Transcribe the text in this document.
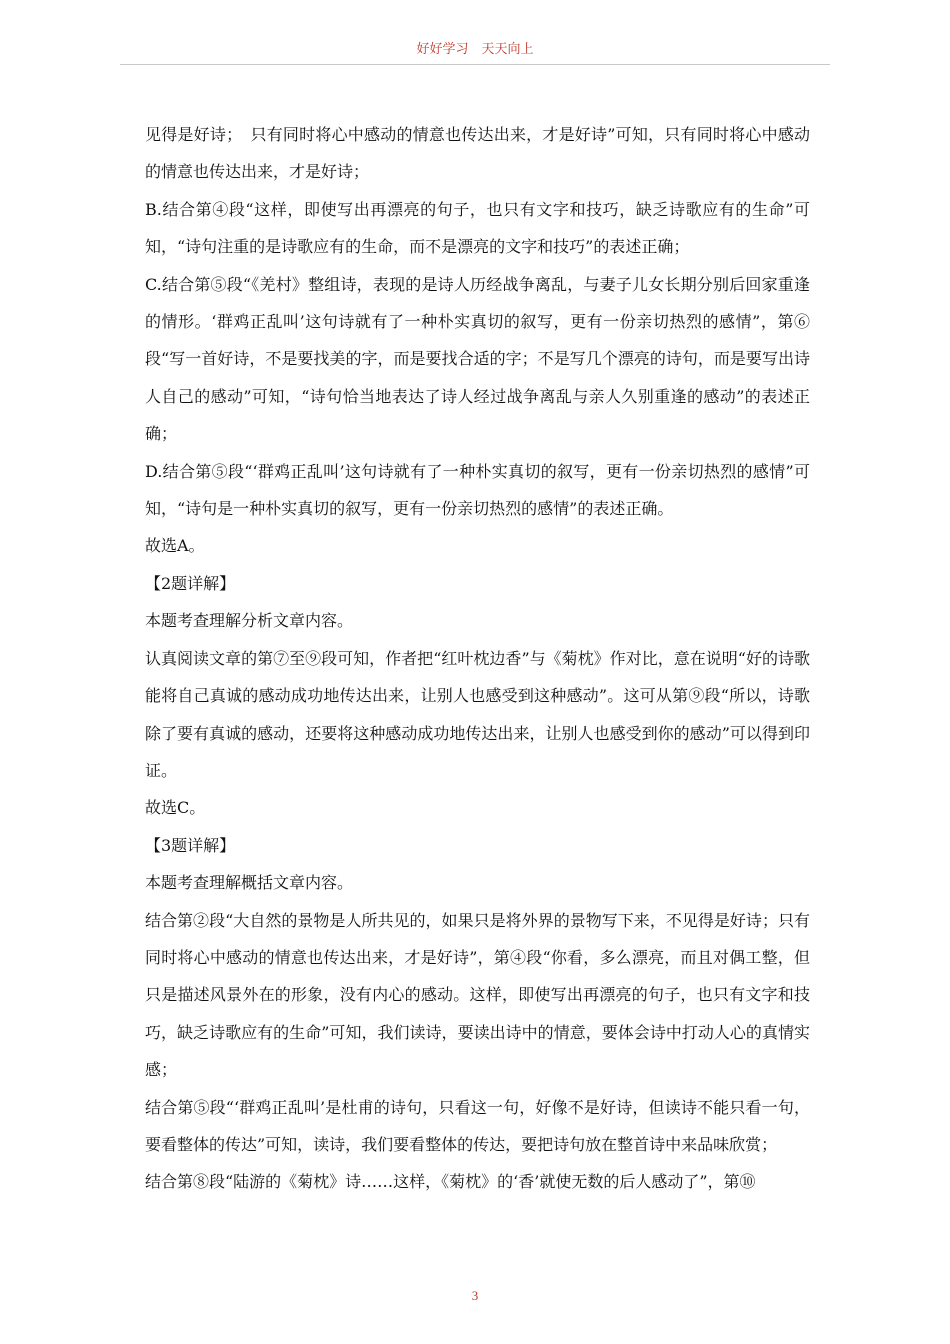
好好学习　天天向上

见得是好诗；　只有同时将心中感动的情意也传达出来，才是好诗”可知，只有同时将心中感动的情意也传达出来，才是好诗；

B.结合第④段“这样，即使写出再漂亮的句子，也只有文字和技巧，缺乏诗歌应有的生命”可知，“诗句注重的是诗歌应有的生命，而不是漂亮的文字和技巧”的表述正确；

C.结合第⑤段“《羌村》整组诗，表现的是诗人历经战争离乱，与妻子儿女长期分别后回家重逢的情形。‘群鸡正乱叫’这句诗就有了一种朴实真切的叙写，更有一份亲切热烈的感情”，第⑥段“写一首好诗，不是要找美的字，而是要找合适的字；不是写几个漂亮的诗句，而是要写出诗人自己的感动”可知，“诗句恰当地表达了诗人经过战争离乱与亲人久别重逢的感动”的表述正确；

D.结合第⑤段“‘群鸡正乱叫’这句诗就有了一种朴实真切的叙写，更有一份亲切热烈的感情”可知，“诗句是一种朴实真切的叙写，更有一份亲切热烈的感情”的表述正确。

故选A。

【2题详解】

本题考查理解分析文章内容。

认真阅读文章的第⑦至⑨段可知，作者把“红叶枕边香”与《菊枕》作对比，意在说明“好的诗歌能将自己真诚的感动成功地传达出来，让别人也感受到这种感动”。这可从第⑨段“所以，诗歌除了要有真诚的感动，还要将这种感动成功地传达出来，让别人也感受到你的感动”可以得到印证。

故选C。

【3题详解】

本题考查理解概括文章内容。

结合第②段“大自然的景物是人所共见的，如果只是将外界的景物写下来，不见得是好诗；只有同时将心中感动的情意也传达出来，才是好诗”，第④段“你看，多么漂亮，而且对偶工整，但只是描述风景外在的形象，没有内心的感动。这样，即使写出再漂亮的句子，也只有文字和技巧，缺乏诗歌应有的生命”可知，我们读诗，要读出诗中的情意，要体会诗中打动人心的真情实感；

结合第⑤段“‘群鸡正乱叫’是杜甫的诗句，只看这一句，好像不是好诗，但读诗不能只看一句，要看整体的传达”可知，读诗，我们要看整体的传达，要把诗句放在整首诗中来品味欣赏；

结合第⑧段“陆游的《菊枕》诗……这样，《菊枕》的‘香’就使无数的后人感动了”，第⑩

3
